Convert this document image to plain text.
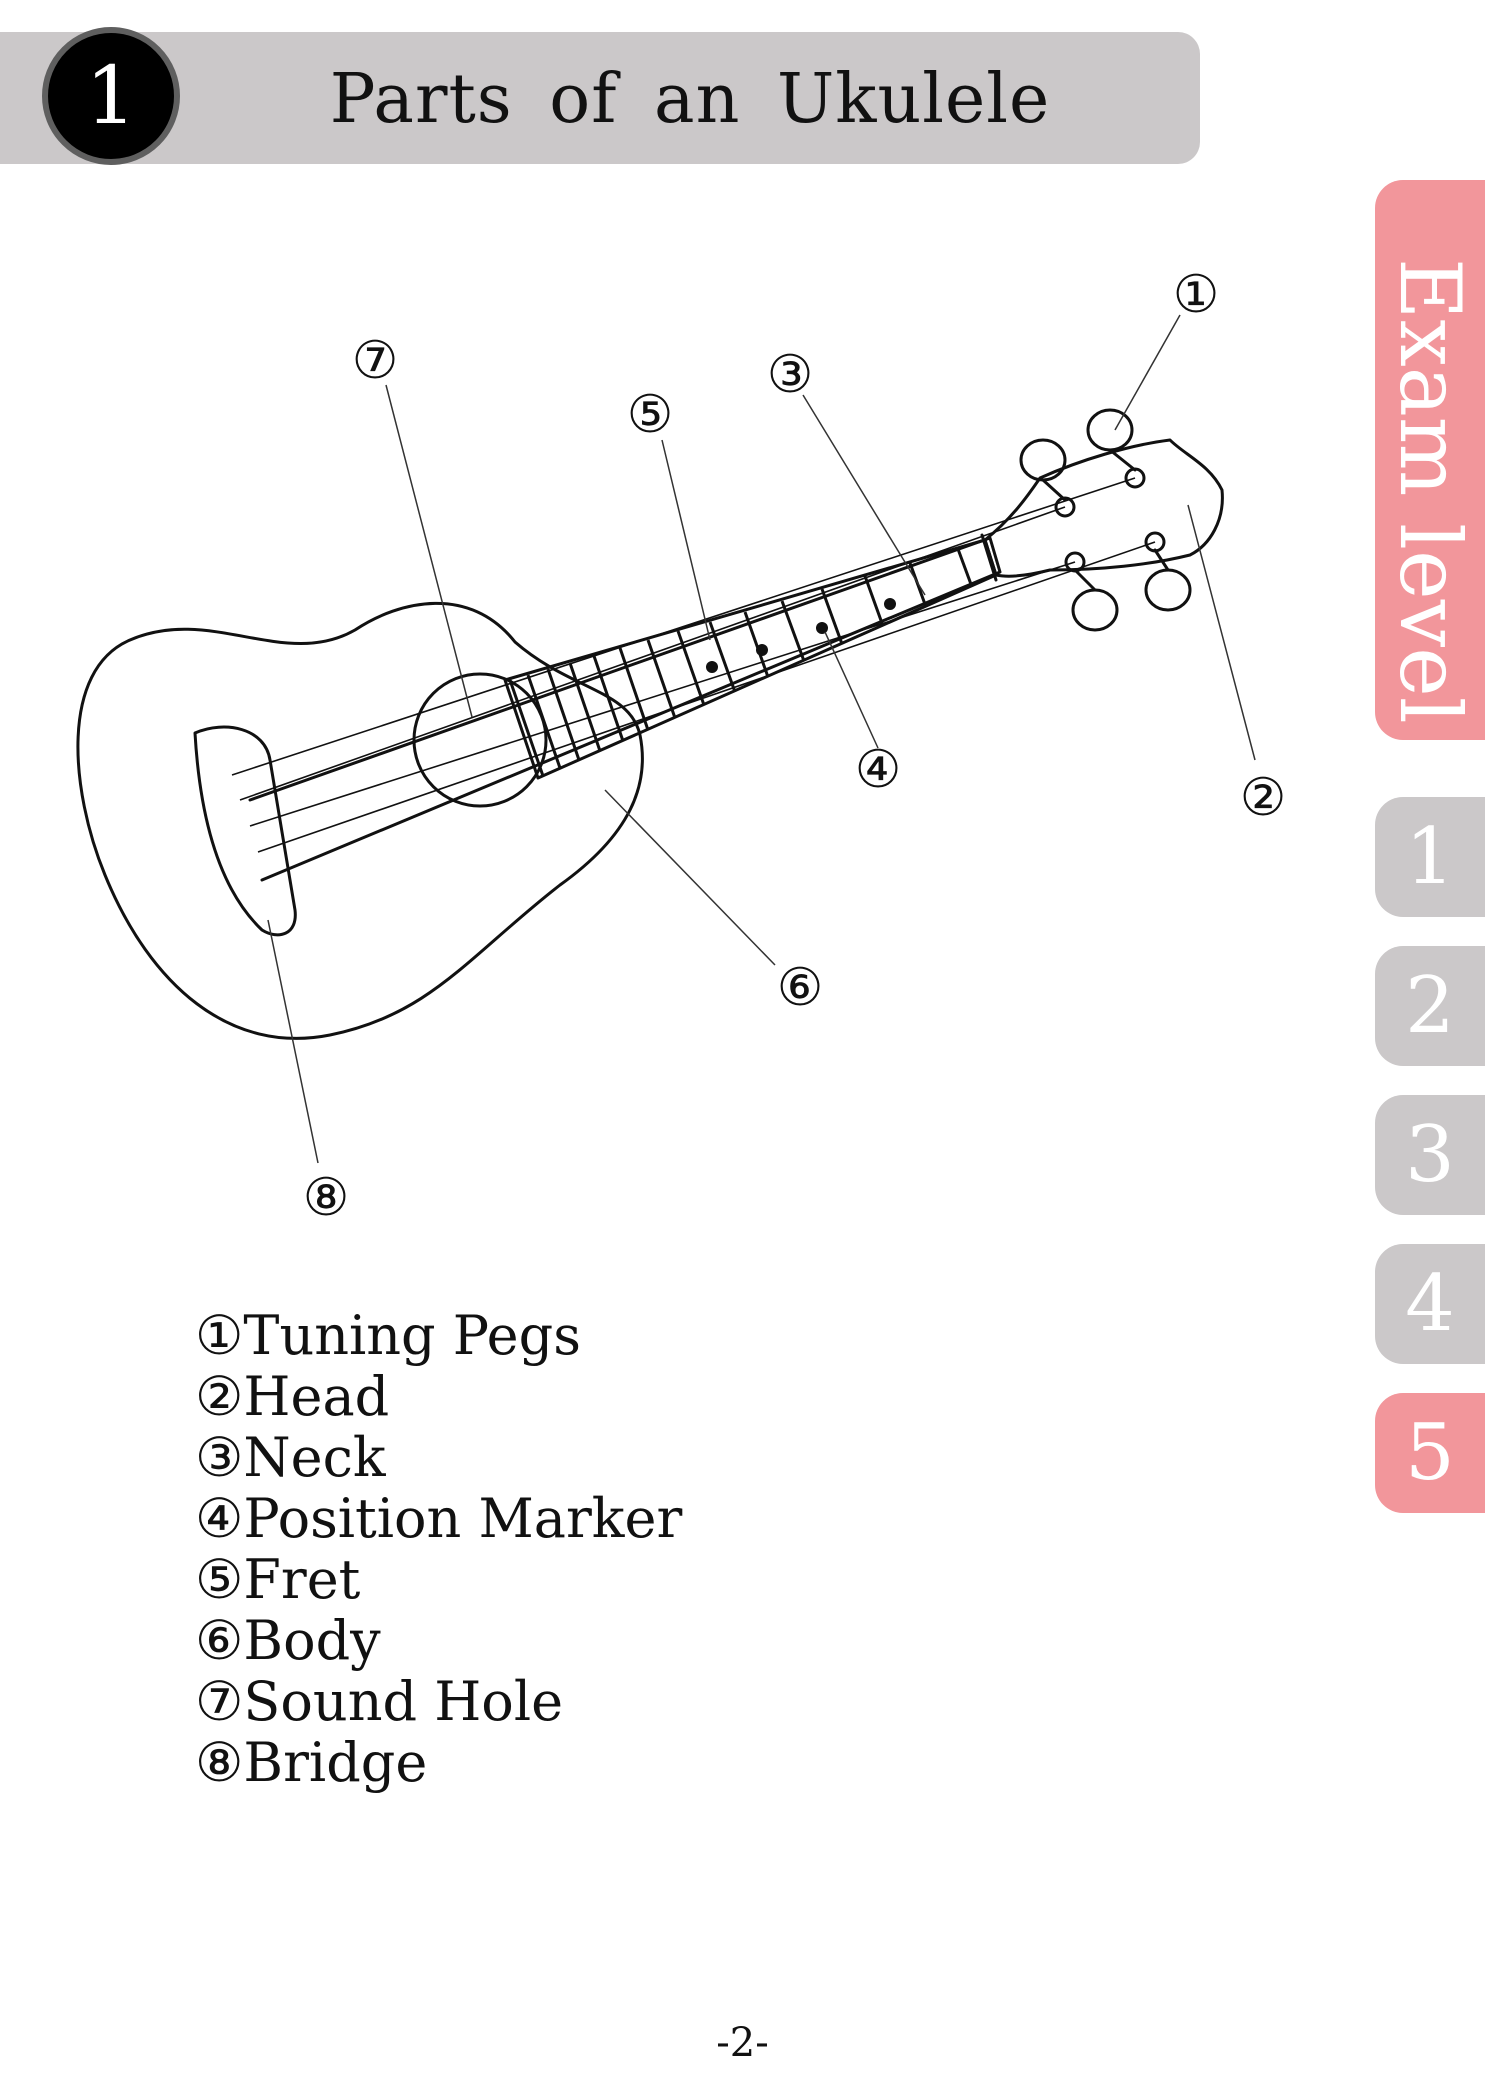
1	Parts of an Ukulele
①
②
③
④
⑤
⑥
⑦
⑧
①Tuning Pegs
②Head
③Neck
④Position Marker
⑤Fret
⑥Body
⑦Sound Hole
⑧Bridge
Exam level
1
2
3
4
5
-2-
